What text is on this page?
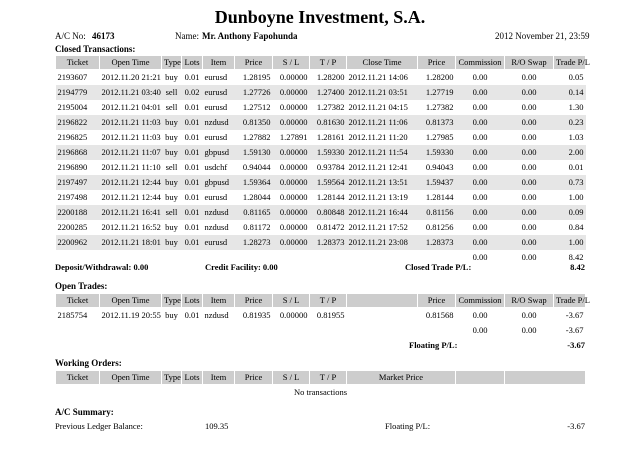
Dunboyne Investment, S.A.
A/C No: 46173	Name: Mr. Anthony Fapohunda	2012 November 21, 23:59
Closed Transactions:
Ticket	Open Time	Type	Lots	Item	Price	S / L	T / P	Close Time	Price	Commission	R/O Swap	Trade P/L
2193607	2012.11.20 21:21	buy	0.01	eurusd	1.28195	0.00000	1.28200	2012.11.21 14:06	1.28200	0.00	0.00	0.05
2194779	2012.11.21 03:40	sell	0.02	eurusd	1.27726	0.00000	1.27400	2012.11.21 03:51	1.27719	0.00	0.00	0.14
2195004	2012.11.21 04:01	sell	0.01	eurusd	1.27512	0.00000	1.27382	2012.11.21 04:15	1.27382	0.00	0.00	1.30
2196822	2012.11.21 11:03	buy	0.01	nzdusd	0.81350	0.00000	0.81630	2012.11.21 11:06	0.81373	0.00	0.00	0.23
2196825	2012.11.21 11:03	buy	0.01	eurusd	1.27882	1.27891	1.28161	2012.11.21 11:20	1.27985	0.00	0.00	1.03
2196868	2012.11.21 11:07	buy	0.01	gbpusd	1.59130	0.00000	1.59330	2012.11.21 11:54	1.59330	0.00	0.00	2.00
2196890	2012.11.21 11:10	sell	0.01	usdchf	0.94044	0.00000	0.93784	2012.11.21 12:41	0.94043	0.00	0.00	0.01
2197497	2012.11.21 12:44	buy	0.01	gbpusd	1.59364	0.00000	1.59564	2012.11.21 13:51	1.59437	0.00	0.00	0.73
2197498	2012.11.21 12:44	buy	0.01	eurusd	1.28044	0.00000	1.28144	2012.11.21 13:19	1.28144	0.00	0.00	1.00
2200188	2012.11.21 16:41	sell	0.01	nzdusd	0.81165	0.00000	0.80848	2012.11.21 16:44	0.81156	0.00	0.00	0.09
2200285	2012.11.21 16:52	buy	0.01	nzdusd	0.81172	0.00000	0.81472	2012.11.21 17:52	0.81256	0.00	0.00	0.84
2200962	2012.11.21 18:01	buy	0.01	eurusd	1.28273	0.00000	1.28373	2012.11.21 23:08	1.28373	0.00	0.00	1.00
										0.00	0.00	8.42
Deposit/Withdrawal: 0.00	Credit Facility: 0.00	Closed Trade P/L:	8.42
Open Trades:
Ticket	Open Time	Type	Lots	Item	Price	S / L	T / P		Price	Commission	R/O Swap	Trade P/L
2185754	2012.11.19 20:55	buy	0.01	nzdusd	0.81935	0.00000	0.81955		0.81568	0.00	0.00	-3.67
										0.00	0.00	-3.67
Floating P/L:	-3.67
Working Orders:
Ticket	Open Time	Type	Lots	Item	Price	S / L	T / P	Market Price		
No transactions
A/C Summary:
Previous Ledger Balance:	109.35	Floating P/L:	-3.67
